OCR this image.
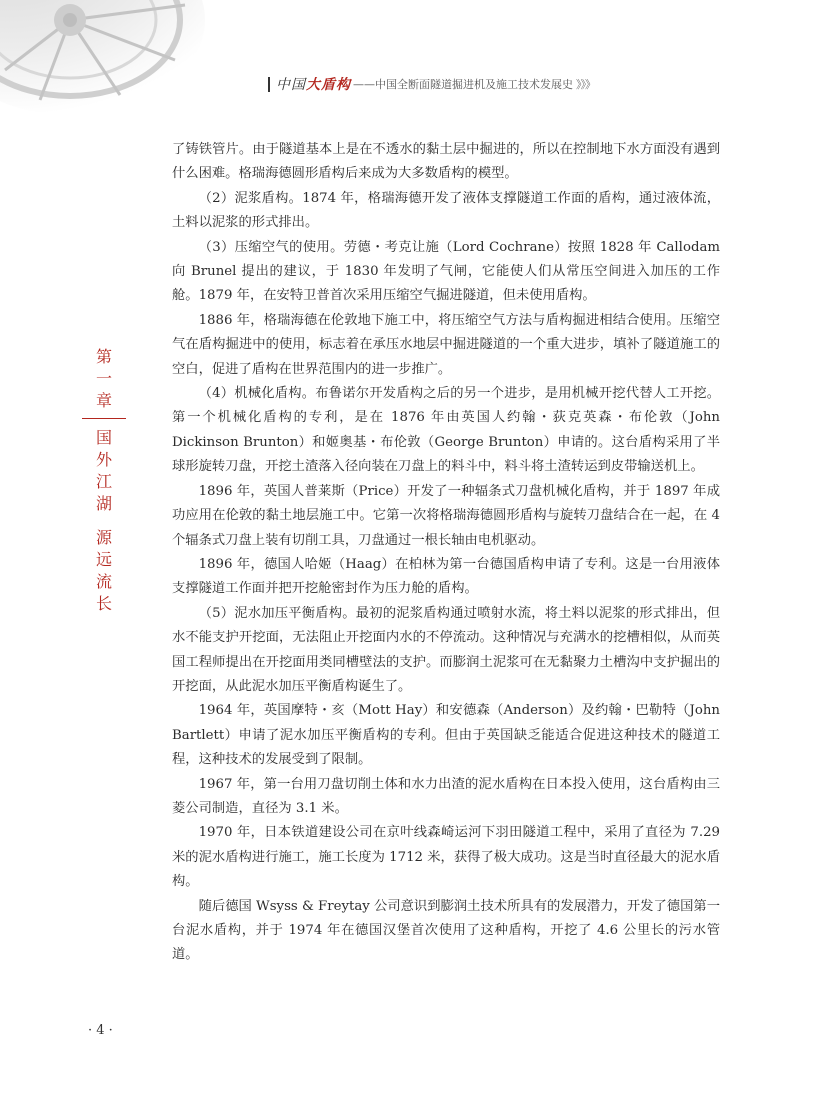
中国 大盾构 ——中国全断面隧道掘进机及施工技术发展史 》》》
第
一
章
国
外
江
湖
源
远
流
长

了铸铁管片。由于隧道基本上是在不透水的黏土层中掘进的，所以在控制地下水方面没有遇到什么困难。格瑞海德圆形盾构后来成为大多数盾构的模型。

（2）泥浆盾构。1874 年，格瑞海德开发了液体支撑隧道工作面的盾构，通过液体流，土料以泥浆的形式排出。

（3）压缩空气的使用。劳德・考克让施（Lord Cochrane）按照 1828 年 Callodam 向 Brunel 提出的建议，于 1830 年发明了气闸，它能使人们从常压空间进入加压的工作舱。1879 年，在安特卫普首次采用压缩空气掘进隧道，但未使用盾构。

1886 年，格瑞海德在伦敦地下施工中，将压缩空气方法与盾构掘进相结合使用。压缩空气在盾构掘进中的使用，标志着在承压水地层中掘进隧道的一个重大进步，填补了隧道施工的空白，促进了盾构在世界范围内的进一步推广。

（4）机械化盾构。布鲁诺尔开发盾构之后的另一个进步，是用机械开挖代替人工开挖。第一个机械化盾构的专利，是在 1876 年由英国人约翰・荻克英森・布伦敦（John Dickinson Brunton）和姬奥基・布伦敦（George Brunton）申请的。这台盾构采用了半球形旋转刀盘，开挖土渣落入径向装在刀盘上的料斗中，料斗将土渣转运到皮带输送机上。

1896 年，英国人普莱斯（Price）开发了一种辐条式刀盘机械化盾构，并于 1897 年成功应用在伦敦的黏土地层施工中。它第一次将格瑞海德圆形盾构与旋转刀盘结合在一起，在 4 个辐条式刀盘上装有切削工具，刀盘通过一根长轴由电机驱动。

1896 年，德国人哈姬（Haag）在柏林为第一台德国盾构申请了专利。这是一台用液体支撑隧道工作面并把开挖舱密封作为压力舱的盾构。

（5）泥水加压平衡盾构。最初的泥浆盾构通过喷射水流，将土料以泥浆的形式排出，但水不能支护开挖面，无法阻止开挖面内水的不停流动。这种情况与充满水的挖槽相似，从而英国工程师提出在开挖面用类同槽壁法的支护。而膨润土泥浆可在无黏聚力土槽沟中支护掘出的开挖面，从此泥水加压平衡盾构诞生了。

1964 年，英国摩特・亥（Mott Hay）和安德森（Anderson）及约翰・巴勒特（John Bartlett）申请了泥水加压平衡盾构的专利。但由于英国缺乏能适合促进这种技术的隧道工程，这种技术的发展受到了限制。

1967 年，第一台用刀盘切削土体和水力出渣的泥水盾构在日本投入使用，这台盾构由三菱公司制造，直径为 3.1 米。

1970 年，日本铁道建设公司在京叶线森崎运河下羽田隧道工程中，采用了直径为 7.29 米的泥水盾构进行施工，施工长度为 1712 米，获得了极大成功。这是当时直径最大的泥水盾构。

随后德国 Wsyss & Freytay 公司意识到膨润土技术所具有的发展潜力，开发了德国第一台泥水盾构，并于 1974 年在德国汉堡首次使用了这种盾构，开挖了 4.6 公里长的污水管道。

· 4 ·
